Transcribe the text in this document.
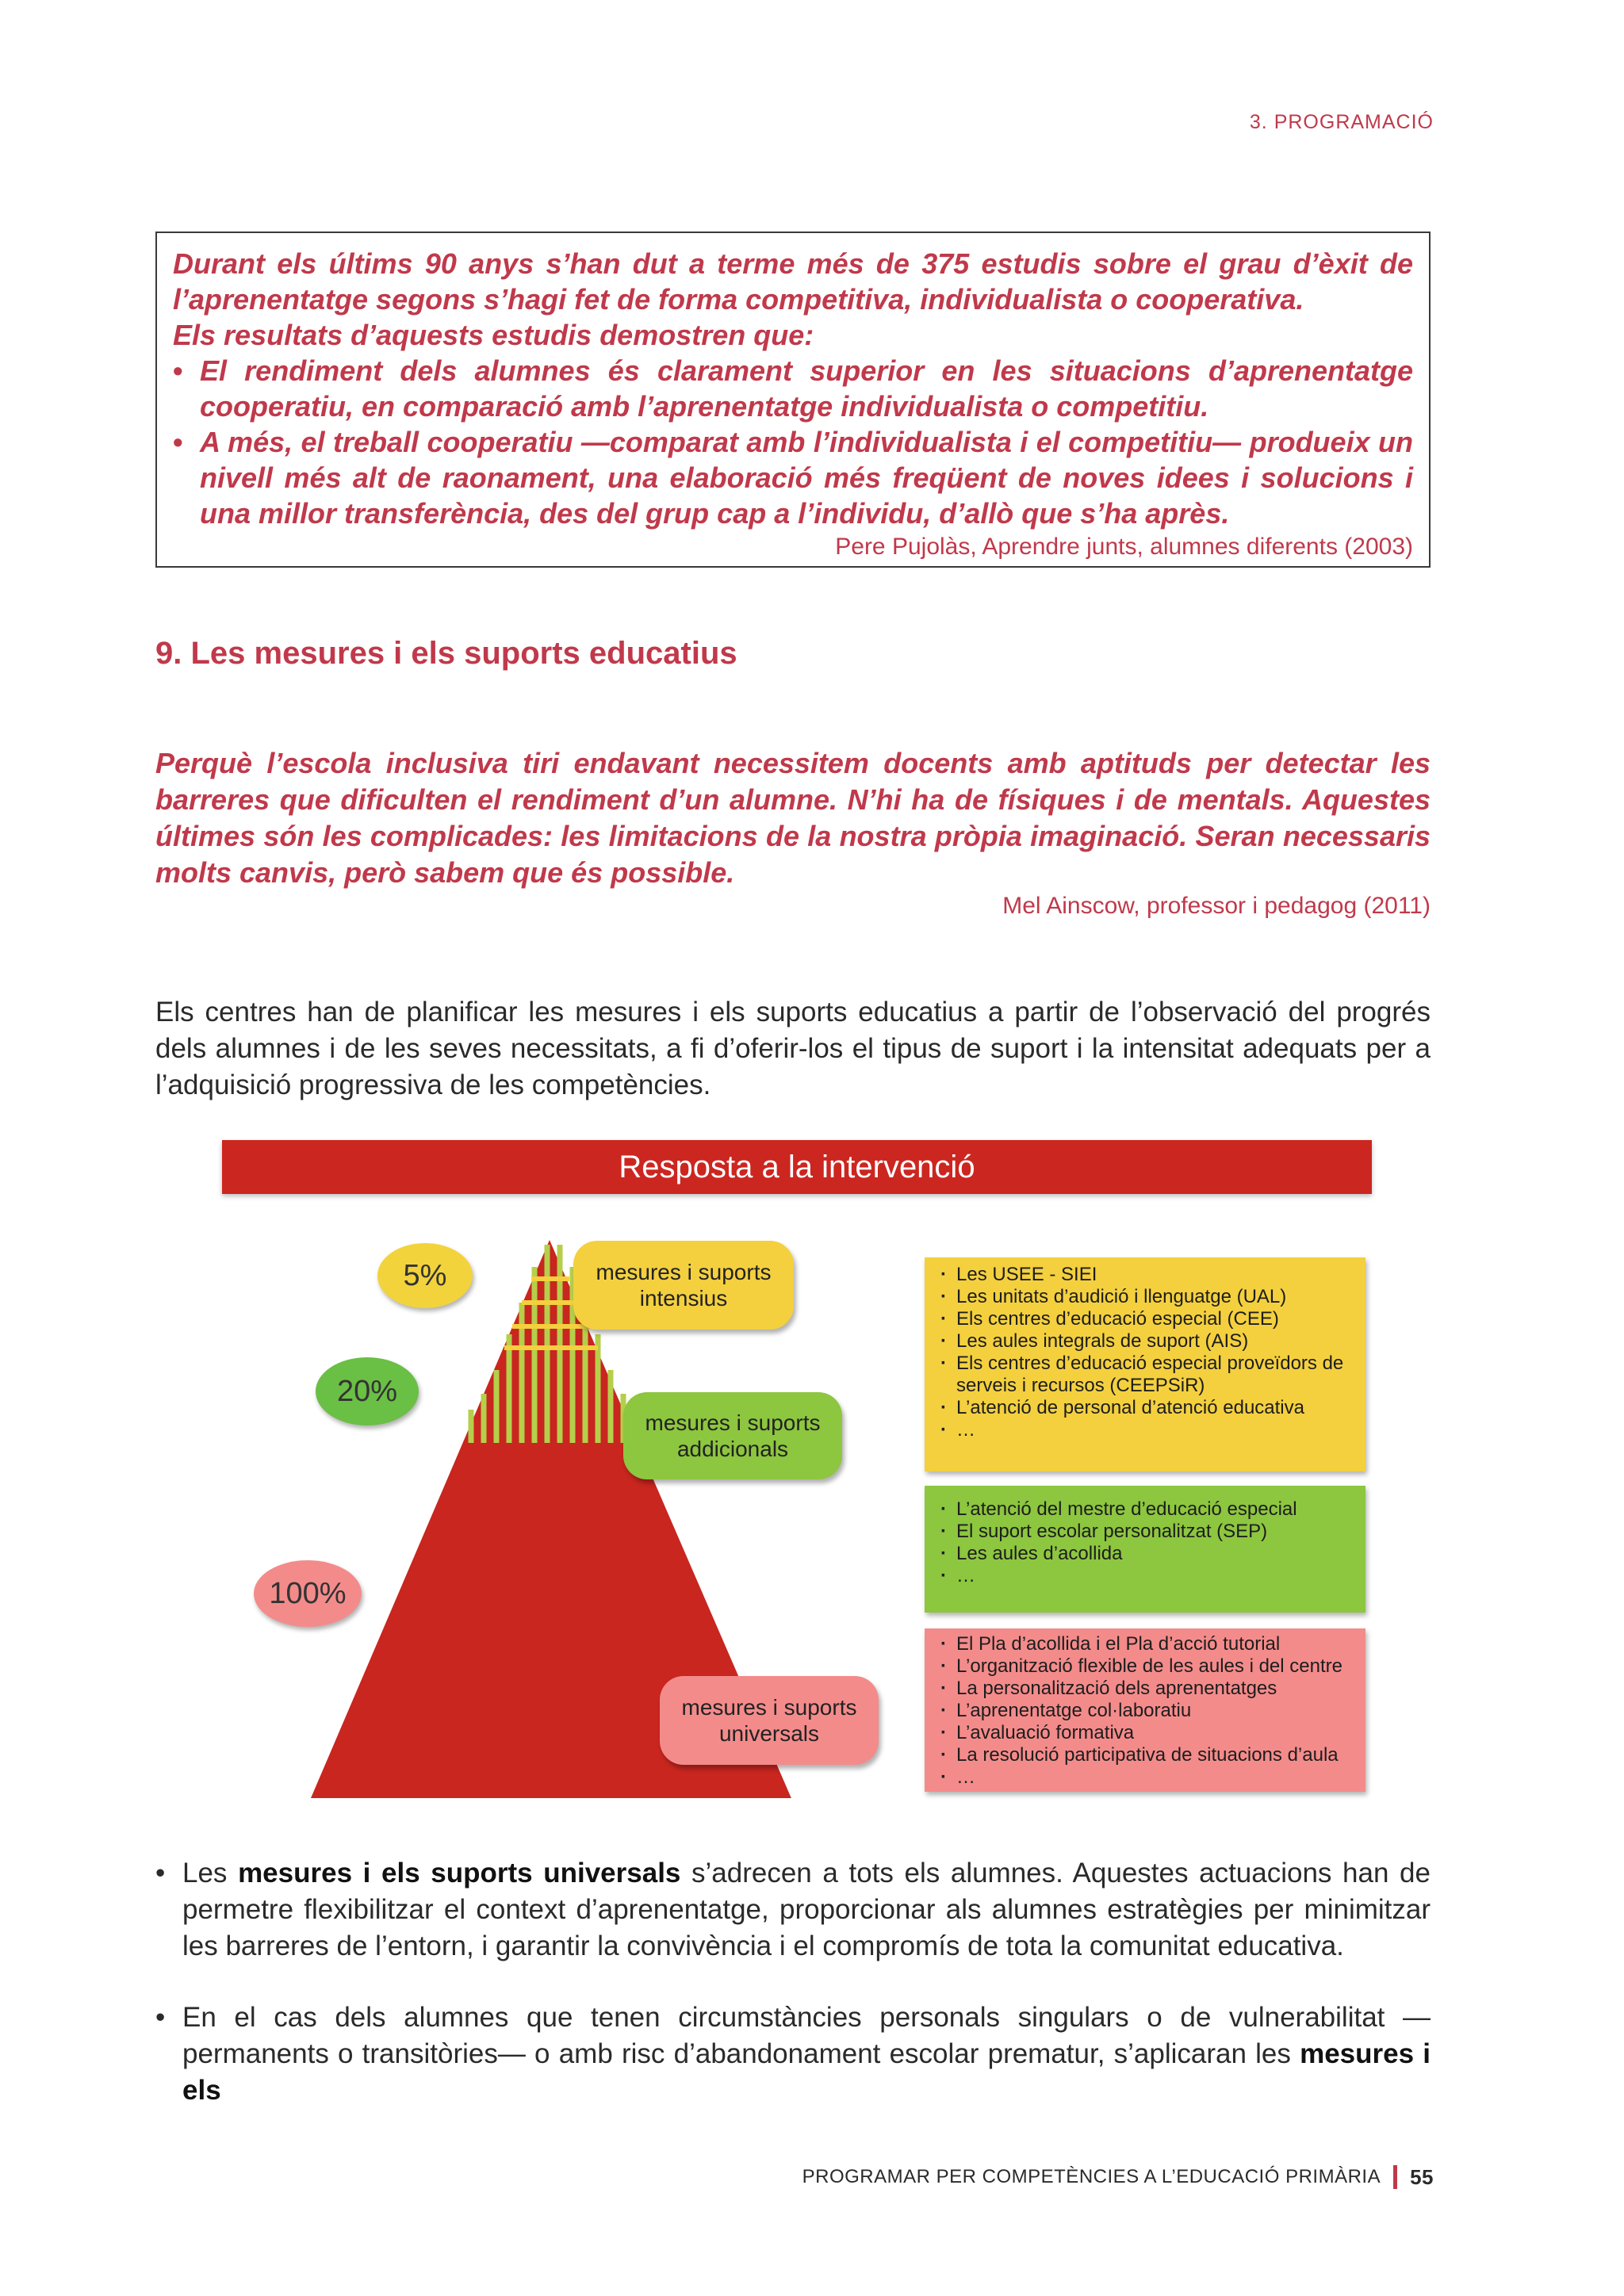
3. PROGRAMACIÓ
Durant els últims 90 anys s’han dut a terme més de 375 estudis sobre el grau d’èxit de l’aprenentatge segons s’hagi fet de forma competitiva, individualista o cooperativa.
Els resultats d’aquests estudis demostren que:
• El rendiment dels alumnes és clarament superior en les situacions d’aprenentatge cooperatiu, en comparació amb l’aprenentatge individualista o competitiu.
• A més, el treball cooperatiu —comparat amb l’individualista i el competitiu— produeix un nivell més alt de raonament, una elaboració més freqüent de noves idees i solucions i una millor transferència, des del grup cap a l’individu, d’allò que s’ha après.
Pere Pujolàs, Aprendre junts, alumnes diferents (2003)
9. Les mesures i els suports educatius
Perquè l’escola inclusiva tiri endavant necessitem docents amb aptituds per detectar les barreres que dificulten el rendiment d’un alumne. N’hi ha de físiques i de mentals. Aquestes últimes són les complicades: les limitacions de la nostra pròpia imaginació. Seran necessaris molts canvis, però sabem que és possible.
Mel Ainscow, professor i pedagog (2011)
Els centres han de planificar les mesures i els suports educatius a partir de l’observació del progrés dels alumnes i de les seves necessitats, a fi d’oferir-los el tipus de suport i la intensitat adequats per a l’adquisició progressiva de les competències.
Resposta a la intervenció
5%
20%
100%
mesures i suports
intensius
mesures i suports
addicionals
mesures i suports
universals
· Les USEE - SIEI
· Les unitats d’audició i llenguatge (UAL)
· Els centres d’educació especial (CEE)
· Les aules integrals de suport (AIS)
· Els centres d’educació especial proveïdors de serveis i recursos (CEEPSiR)
· L’atenció de personal d’atenció educativa
· …
· L’atenció del mestre d’educació especial
· El suport escolar personalitzat (SEP)
· Les aules d’acollida
· …
· El Pla d’acollida i el Pla d’acció tutorial
· L’organització flexible de les aules i del centre
· La personalització dels aprenentatges
· L’aprenentatge col·laboratiu
· L’avaluació formativa
· La resolució participativa de situacions d’aula
· …
• Les mesures i els suports universals s’adrecen a tots els alumnes. Aquestes actuacions han de permetre flexibilitzar el context d’aprenentatge, proporcionar als alumnes estratègies per minimitzar les barreres de l’entorn, i garantir la convivència i el compromís de tota la comunitat educativa.
• En el cas dels alumnes que tenen circumstàncies personals singulars o de vulnerabilitat —permanents o transitòries— o amb risc d’abandonament escolar prematur, s’aplicaran les mesures i els
PROGRAMAR PER COMPETÈNCIES A L’EDUCACIÓ PRIMÀRIA 55
